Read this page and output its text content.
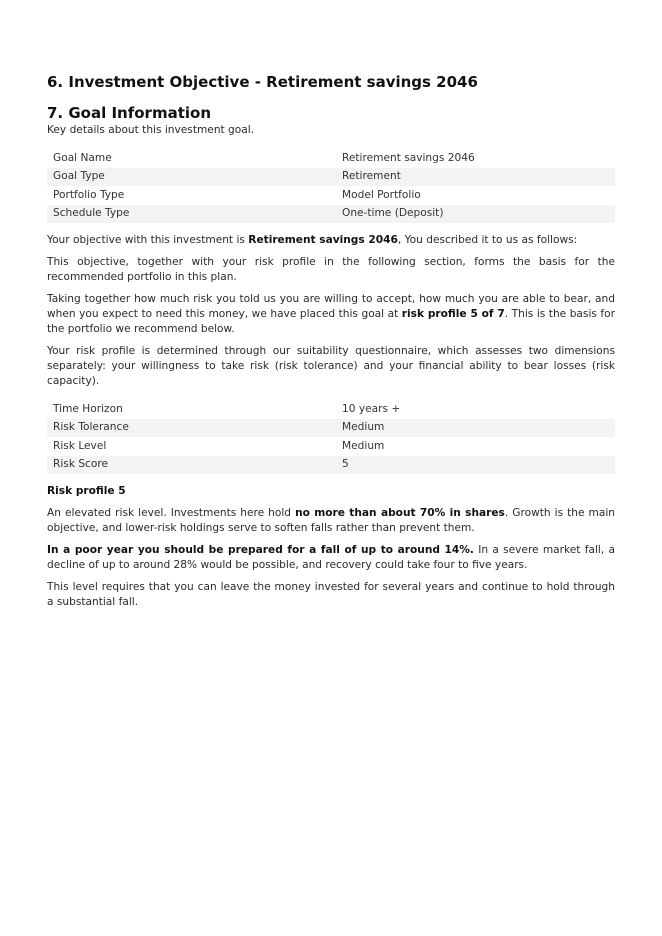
6. Investment Objective - Retirement savings 2046
7. Goal Information

Key details about this investment goal.

Goal Name	Retirement savings 2046
Goal Type	Retirement
Portfolio Type	Model Portfolio
Schedule Type	One-time (Deposit)

Your objective with this investment is Retirement savings 2046, You described it to us as follows:

This objective, together with your risk profile in the following section, forms the basis for the recommended portfolio in this plan.

Taking together how much risk you told us you are willing to accept, how much you are able to bear, and when you expect to need this money, we have placed this goal at risk profile 5 of 7. This is the basis for the portfolio we recommend below.

Your risk profile is determined through our suitability questionnaire, which assesses two dimensions separately: your willingness to take risk (risk tolerance) and your financial ability to bear losses (risk capacity).

Time Horizon	10 years +
Risk Tolerance	Medium
Risk Level	Medium
Risk Score	5
Risk profile 5

An elevated risk level. Investments here hold no more than about 70% in shares. Growth is the main objective, and lower-risk holdings serve to soften falls rather than prevent them.

In a poor year you should be prepared for a fall of up to around 14%. In a severe market fall, a decline of up to around 28% would be possible, and recovery could take four to five years.

This level requires that you can leave the money invested for several years and continue to hold through a substantial fall.
